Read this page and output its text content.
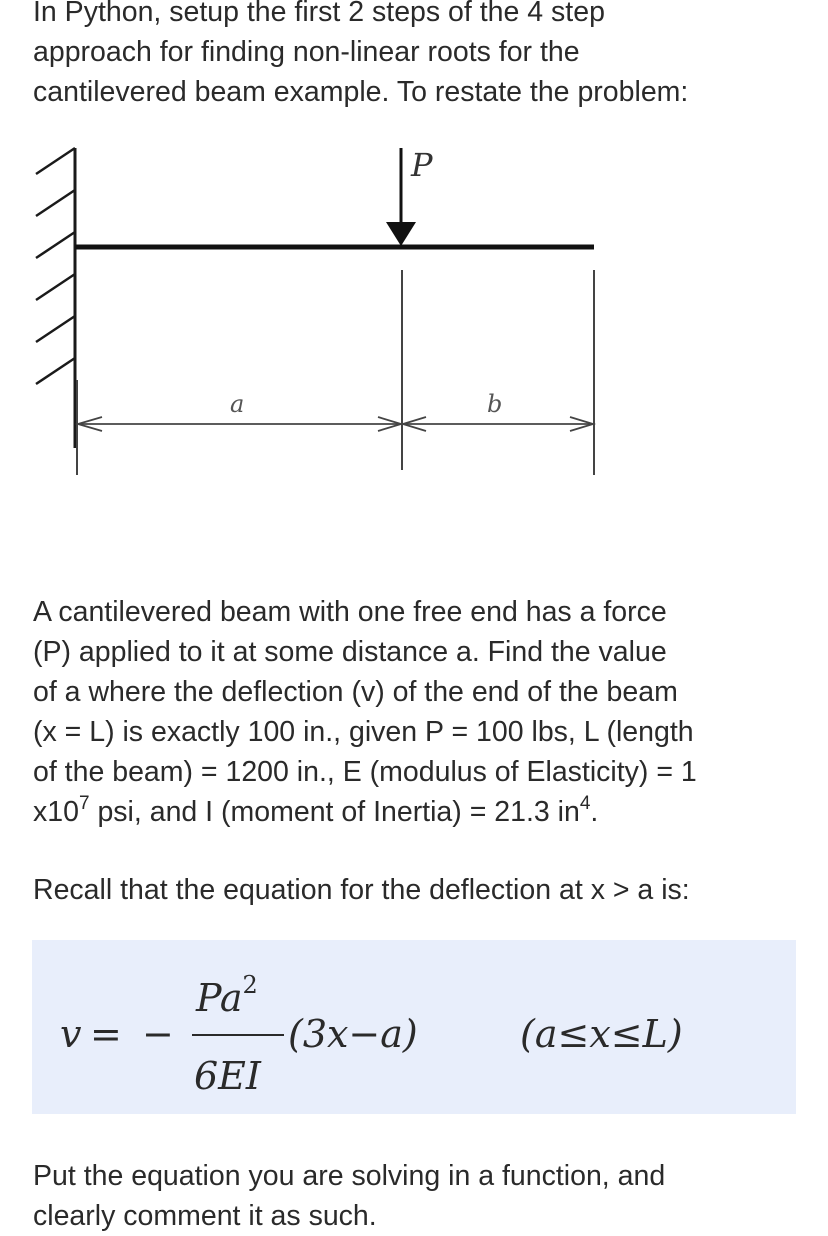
In Python, setup the first 2 steps of the 4 step
approach for finding non-linear roots for the
cantilevered beam example. To restate the problem:

P
a	b

A cantilevered beam with one free end has a force
(P) applied to it at some distance a. Find the value
of a where the deflection (v) of the end of the beam
(x = L) is exactly 100 in., given P = 100 lbs, L (length
of the beam) = 1200 in., E (modulus of Elasticity) = 1
$x10^7$ psi, and I (moment of Inertia) = 21.3 $in^4$.

Recall that the equation for the deflection at x > a is:

v = −
$Pa^2$
6EI
(3x−a)	(a≤x≤L)

Put the equation you are solving in a function, and
clearly comment it as such.
